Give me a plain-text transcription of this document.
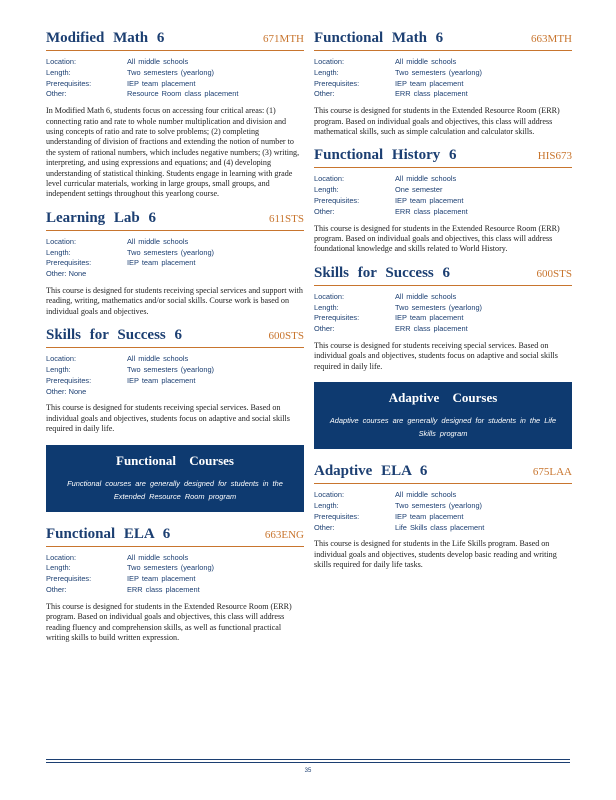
Modified Math 6	671MTH
Location:	All middle schools
Length:	Two semesters (yearlong)
Prerequisites:	IEP team placement
Other:	Resource Room class placement

In Modified Math 6, students focus on accessing four critical areas: (1) connecting ratio and rate to whole number multiplication and division and using concepts of ratio and rate to solve problems; (2) completing understanding of division of fractions and extending the notion of number to the system of rational numbers, which includes negative numbers; (3) writing, interpreting, and using expressions and equations; and (4) developing understanding of statistical thinking. Students engage in learning with grade level curricular materials, working in large groups, small groups, and independent settings throughout this yearlong course.

Learning Lab 6	611STS
Location:	All middle schools
Length:	Two semesters (yearlong)
Prerequisites:	IEP team placement
Other:
None

This course is designed for students receiving special services and support with reading, writing, mathematics and/or social skills. Course work is based on individual goals and objectives.

Skills for Success 6	600STS
Location:	All middle schools
Length:	Two semesters (yearlong)
Prerequisites:	IEP team placement
Other:
None

This course is designed for students receiving special services. Based on individual goals and objectives, students focus on adaptive and social skills required in daily life.

Functional Courses
Functional courses are generally designed for students in the Extended Resource Room program
Functional ELA 6	663ENG
Location:	All middle schools
Length:	Two semesters (yearlong)
Prerequisites:	IEP team placement
Other:	ERR class placement

This course is designed for students in the Extended Resource Room (ERR) program. Based on individual goals and objectives, this class will address reading fluency and comprehension skills, as well as functional practical writing skills to build written expression.

Functional Math 6	663MTH
Location:	All middle schools
Length:	Two semesters (yearlong)
Prerequisites:	IEP team placement
Other:	ERR class placement

This course is designed for students in the Extended Resource Room (ERR) program. Based on individual goals and objectives, this class will address mathematical skills, such as simple calculation and calculator skills.

Functional History 6	HIS673
Location:	All middle schools
Length:	One semester
Prerequisites:	IEP team placement
Other:	ERR class placement

This course is designed for students in the Extended Resource Room (ERR) program. Based on individual goals and objectives, this class will address foundational knowledge and skills related to World History.

Skills for Success 6	600STS
Location:	All middle schools
Length:	Two semesters (yearlong)
Prerequisites:	IEP team placement
Other:	ERR class placement

This course is designed for students receiving special services. Based on individual goals and objectives, students focus on adaptive and social skills required in daily life.

Adaptive Courses
Adaptive courses are generally designed for students in the Life Skills program
Adaptive ELA 6	675LAA
Location:	All middle schools
Length:	Two semesters (yearlong)
Prerequisites:	IEP team placement
Other:	Life Skills class placement

This course is designed for students in the Life Skills program. Based on individual goals and objectives, students develop basic reading and writing skills required for daily life tasks.

35
